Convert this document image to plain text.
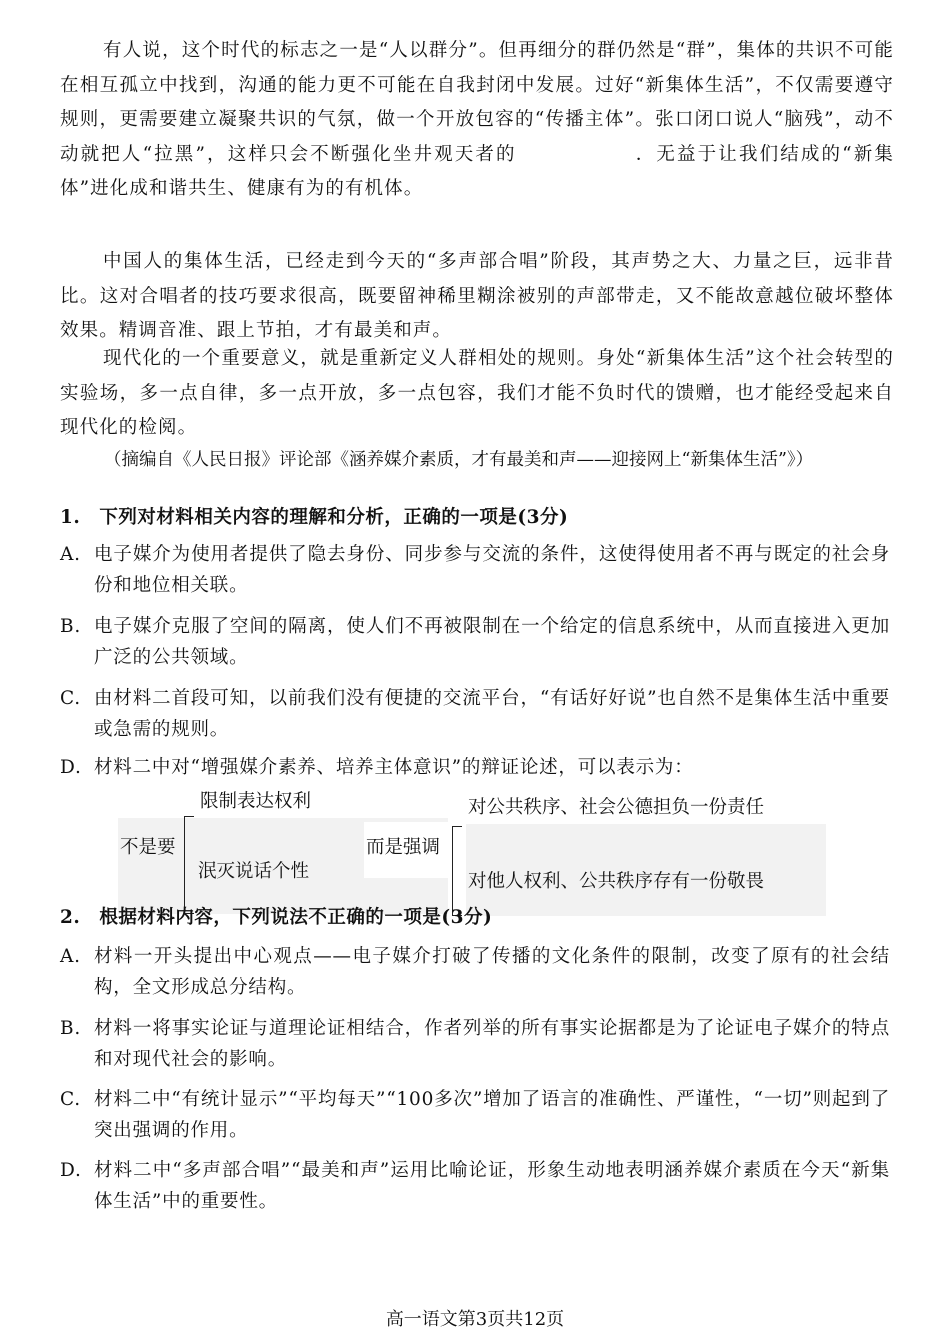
有人说，这个时代的标志之一是“人以群分”。但再细分的群仍然是“群”，集体的共识不可能在相互孤立中找到，沟通的能力更不可能在自我封闭中发展。过好“新集体生活”，不仅需要遵守规则，更需要建立凝聚共识的气氛，做一个开放包容的“传播主体”。张口闭口说人“脑残”，动不动就把人“拉黑”，这样只会不断强化坐井观天者的	．无益于让我们结成的“新集体”进化成和谐共生、健康有为的有机体。

中国人的集体生活，已经走到今天的“多声部合唱”阶段，其声势之大、力量之巨，远非昔比。这对合唱者的技巧要求很高，既要留神稀里糊涂被别的声部带走，又不能故意越位破坏整体效果。精调音准、跟上节拍，才有最美和声。

现代化的一个重要意义，就是重新定义人群相处的规则。身处“新集体生活”这个社会转型的实验场，多一点自律，多一点开放，多一点包容，我们才能不负时代的馈赠，也才能经受起来自现代化的检阅。

（摘编自《人民日报》评论部《涵养媒介素质，才有最美和声——迎接网上“新集体生活”》）

1.　下列对材料相关内容的理解和分析，正确的一项是(3分)

A. 电子媒介为使用者提供了隐去身份、同步参与交流的条件，这使得使用者不再与既定的社会身份和地位相关联。
B. 电子媒介克服了空间的隔离，使人们不再被限制在一个给定的信息系统中，从而直接进入更加广泛的公共领域。
C. 由材料二首段可知，以前我们没有便捷的交流平台，“有话好好说”也自然不是集体生活中重要或急需的规则。
D. 材料二中对“增强媒介素养、培养主体意识”的辩证论述，可以表示为：
限制表达权利
不是要
泯灭说话个性
而是强调
对公共秩序、社会公德担负一份责任
对他人权利、公共秩序存有一份敬畏

2.　根据材料内容，下列说法不正确的一项是(3分)

A. 材料一开头提出中心观点——电子媒介打破了传播的文化条件的限制，改变了原有的社会结构，全文形成总分结构。
B. 材料一将事实论证与道理论证相结合，作者列举的所有事实论据都是为了论证电子媒介的特点和对现代社会的影响。
C. 材料二中“有统计显示”“平均每天”“100多次”增加了语言的准确性、严谨性，“一切”则起到了突出强调的作用。
D. 材料二中“多声部合唱”“最美和声”运用比喻论证，形象生动地表明涵养媒介素质在今天“新集体生活”中的重要性。
高一语文第3页共12页
